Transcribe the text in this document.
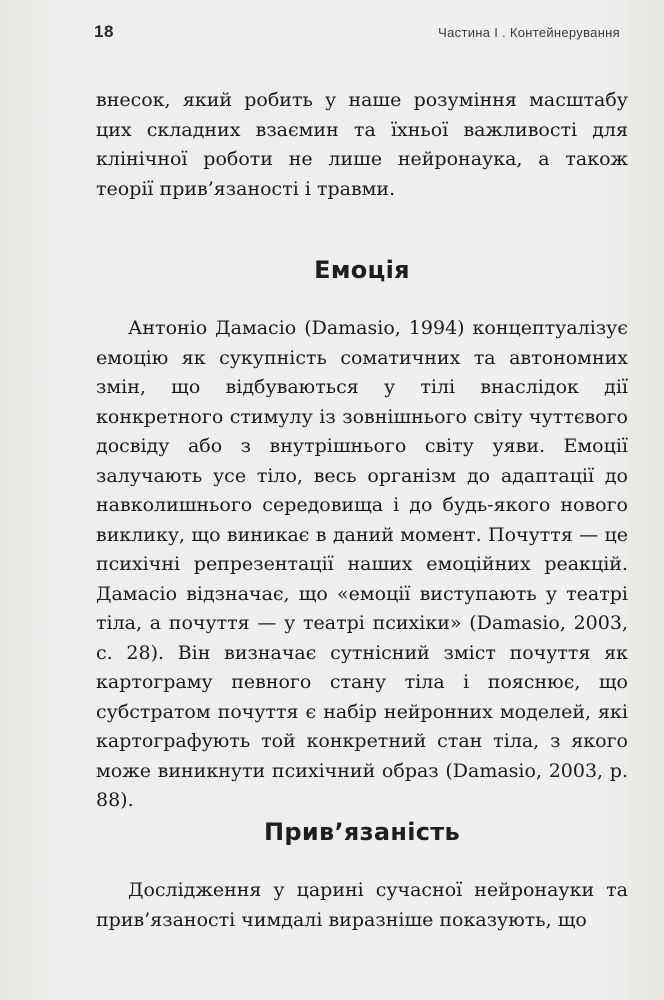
18	Частина І . Контейнерування

внесок, який робить у наше розуміння масштабу цих складних взаємин та їхньої важливості для клінічної роботи не лише нейронаука, а також теорії прив’язаності і травми.

Емоція

Антоніо Дамасіо (Damasio, 1994) концептуалізує емоцію як сукупність соматичних та автономних змін, що відбуваються у тілі внаслідок дії конкретного стимулу із зовнішнього світу чуттєвого досвіду або з внутрішнього світу уяви. Емоції залучають усе тіло, весь організм до адаптації до навколишнього середовища і до будь-якого нового виклику, що виникає в даний момент. Почуття — це психічні репрезентації наших емоційних реакцій. Дамасіо відзначає, що «емоції виступають у театрі тіла, а почуття — у театрі психіки» (Damasio, 2003, с. 28). Він визначає сутнісний зміст почуття як картограму певного стану тіла і пояснює, що субстратом почуття є набір нейронних моделей, які картографують той конкретний стан тіла, з якого може виникнути психічний образ (Damasio, 2003, p. 88).

Прив’язаність

Дослідження у царині сучасної нейронауки та прив’язаності чимдалі виразніше показують, що
